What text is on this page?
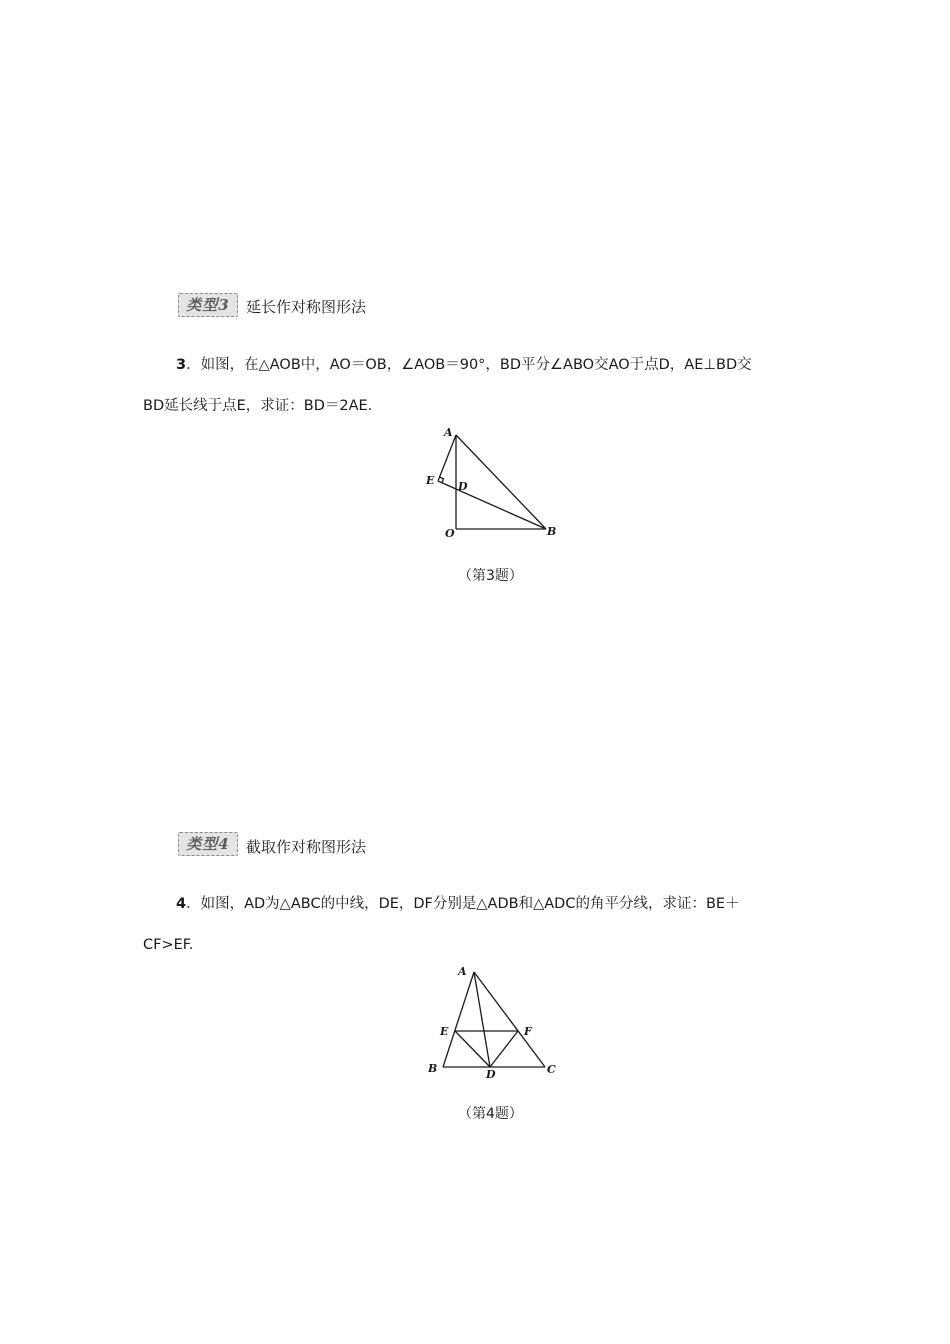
类型3	延长作对称图形法
3．如图，在△AOB中，AO＝OB，∠AOB＝90°，BD平分∠ABO交AO于点D，AE⊥BD交
BD延长线于点E，求证：BD＝2AE.
A
E D
O	B
（第3题）
类型4	截取作对称图形法
4．如图，AD为△ABC的中线，DE，DF分别是△ADB和△ADC的角平分线，求证：BE＋
CF>EF.
A
E	F
B	D	C
（第4题）
